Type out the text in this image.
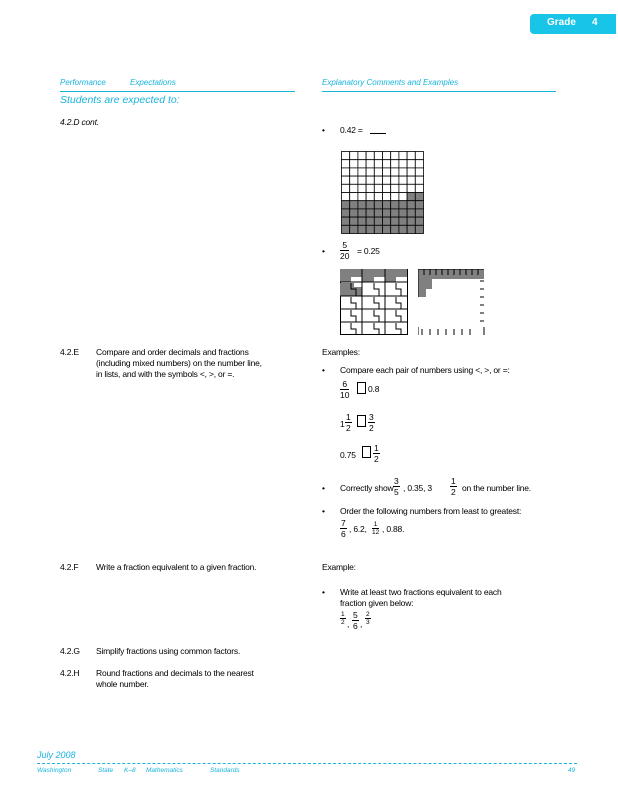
Grade 4
Performance	Expectations	Explanatory Comments and Examples
Students are expected to:
4.2.D cont.
4.2.E Compare and order decimals and fractions
(including mixed numbers) on the number line,
in lists, and with the symbols <, >, or =.
4.2.F Write a fraction equivalent to a given fraction.
4.2.G Simplify fractions using common factors.
4.2.H Round fractions and decimals to the nearest
whole number.
• 0.42 =
• $\frac{5}{20} = 0.25$
Examples:
• Compare each pair of numbers using <, >, or =:
$\frac{6}{10} 0.8$
$1 \frac{1}{2} \frac{3}{2}$
$0.75 \frac{1}{2}$
• Correctly show $\frac{3}{5}$ , 0.35, $3 \frac{1}{2}$ on the number line.
• Order the following numbers from least to greatest:
$\frac{7}{6}$ , 6.2, $\frac{1}{12}$ , 0.88.
Example:
• Write at least two fractions equivalent to each
fraction given below:
$\frac{1}{2}$ , $\frac{5}{6}$ , $\frac{2}{3}$
July 2008
Washington	State K–8 Mathematics	Standards	49
